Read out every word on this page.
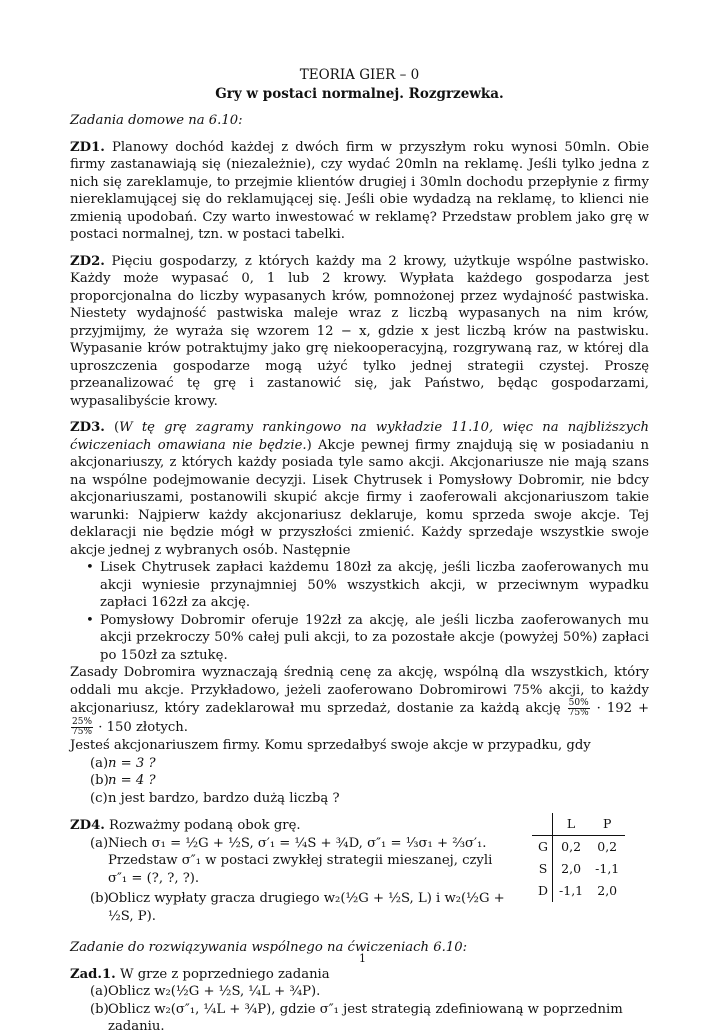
TEORIA GIER – 0
Gry w postaci normalnej. Rozgrzewka.
Zadania domowe na 6.10:

ZD1. Planowy dochód każdej z dwóch firm w przyszłym roku wynosi 50mln. Obie firmy zastanawiają się (niezależnie), czy wydać 20mln na reklamę. Jeśli tylko jedna z nich się zareklamuje, to przejmie klientów drugiej i 30mln dochodu przepłynie z firmy niereklamującej się do reklamującej się. Jeśli obie wydadzą na reklamę, to klienci nie zmienią upodobań. Czy warto inwestować w reklamę? Przedstaw problem jako grę w postaci normalnej, tzn. w postaci tabelki.

ZD2. Pięciu gospodarzy, z których każdy ma 2 krowy, użytkuje wspólne pastwisko. Każdy może wypasać 0, 1 lub 2 krowy. Wypłata każdego gospodarza jest proporcjonalna do liczby wypasanych krów, pomnożonej przez wydajność pastwiska. Niestety wydajność pastwiska maleje wraz z liczbą wypasanych na nim krów, przyjmijmy, że wyraża się wzorem 12 − x, gdzie x jest liczbą krów na pastwisku. Wypasanie krów potraktujmy jako grę niekooperacyjną, rozgrywaną raz, w której dla uproszczenia gospodarze mogą użyć tylko jednej strategii czystej. Proszę przeanalizować tę grę i zastanowić się, jak Państwo, będąc gospodarzami, wypasalibyście krowy.

ZD3. (W tę grę zagramy rankingowo na wykładzie 11.10, więc na najbliższych ćwiczeniach omawiana nie będzie.) Akcje pewnej firmy znajdują się w posiadaniu n akcjonariuszy, z których każdy posiada tyle samo akcji. Akcjonariusze nie mają szans na wspólne podejmowanie decyzji. Lisek Chytrusek i Pomysłowy Dobromir, nie bdcy akcjonariuszami, postanowili skupić akcje firmy i zaoferowali akcjonariuszom takie warunki: Najpierw każdy akcjonariusz deklaruje, komu sprzeda swoje akcje. Tej deklaracji nie będzie mógł w przyszłości zmienić. Każdy sprzedaje wszystkie swoje akcje jednej z wybranych osób. Następnie

• Lisek Chytrusek zapłaci każdemu 180zł za akcję, jeśli liczba zaoferowanych mu akcji wyniesie przynajmniej 50% wszystkich akcji, w przeciwnym wypadku zapłaci 162zł za akcję.
• Pomysłowy Dobromir oferuje 192zł za akcję, ale jeśli liczba zaoferowanych mu akcji przekroczy 50% całej puli akcji, to za pozostałe akcje (powyżej 50%) zapłaci po 150zł za sztukę.

Zasady Dobromira wyznaczają średnią cenę za akcję, wspólną dla wszystkich, który oddali mu akcje. Przykładowo, jeżeli zaoferowano Dobromirowi 75% akcji, to każdy akcjonariusz, który zadeklarował mu sprzedaż, dostanie za każdą akcję $\frac{50\%}{75\%} \cdot 192$ +
$\frac{25\%}{75\%} \cdot 150$ złotych.

Jesteś akcjonariuszem firmy. Komu sprzedałbyś swoje akcje w przypadku, gdy

(a) n = 3 ?
(b) n = 4 ?
(c) n jest bardzo, bardzo dużą liczbą ?

ZD4. Rozważmy podaną obok grę.

(a) Niech σ₁ = ½G + ½S, σ′₁ = ¼S + ¾D, σ″₁ = ⅓σ₁ + ⅔σ′₁. Przedstaw σ″₁ w postaci zwykłej strategii mieszanej, czyli σ″₁ = (?, ?, ?).
(b) Oblicz wypłaty gracza drugiego w₂(½G + ½S, L) i w₂(½G + ½S, P).
	L	P
G	0,2	0,2
S	2,0	-1,1
D	-1,1	2,0
Zadanie do rozwiązywania wspólnego na ćwiczeniach 6.10:

Zad.1. W grze z poprzedniego zadania

(a) Oblicz w₂(½G + ½S, ¼L + ¾P).
(b) Oblicz w₂(σ″₁, ¼L + ¾P), gdzie σ″₁ jest strategią zdefiniowaną w poprzednim zadaniu.
1
